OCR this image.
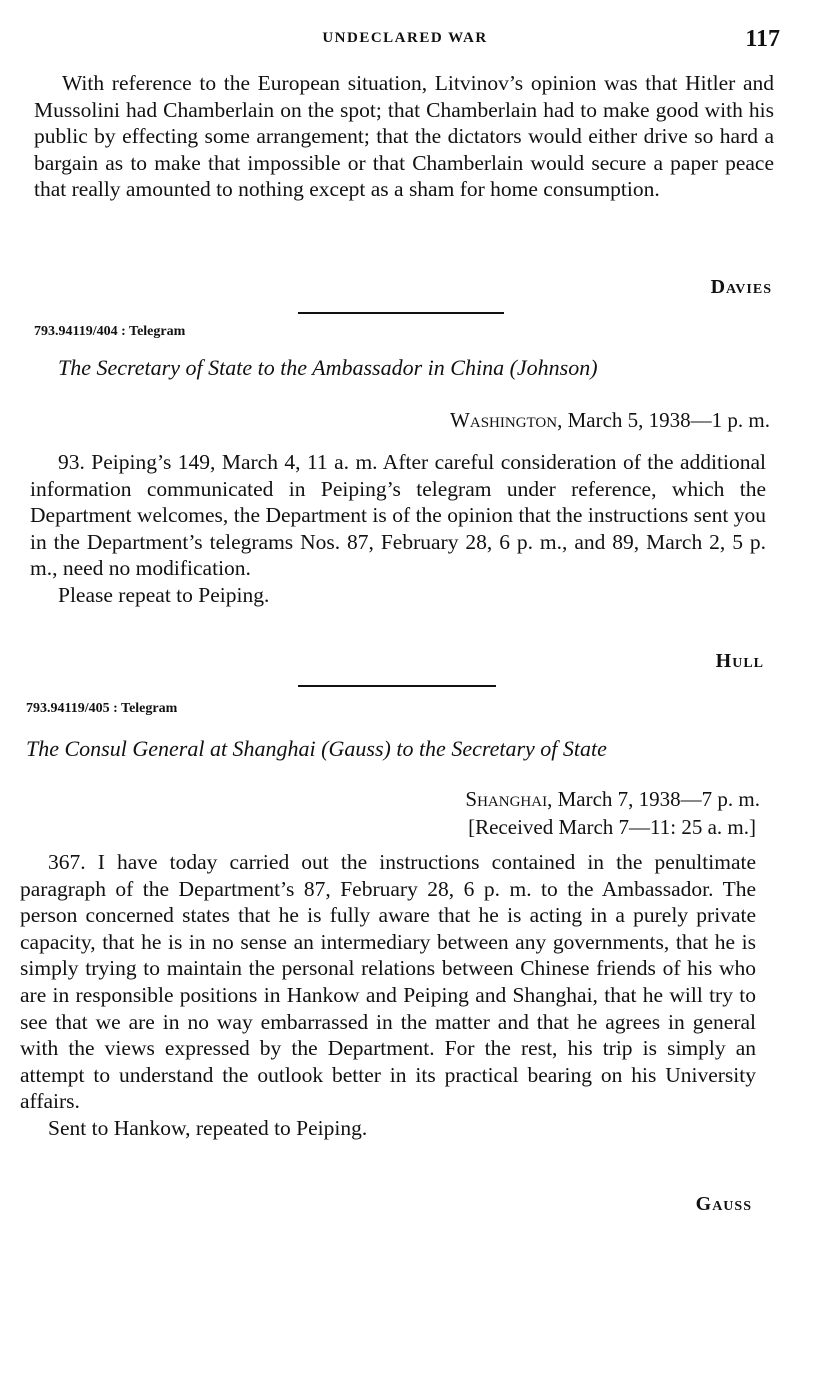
UNDECLARED WAR	117

With reference to the European situation, Litvinov’s opinion was that Hitler and Mussolini had Chamberlain on the spot; that Chamberlain had to make good with his public by effecting some arrangement; that the dictators would either drive so hard a bargain as to make that impossible or that Chamberlain would secure a paper peace that really amounted to nothing except as a sham for home consumption.

Davies
793.94119/404 : Telegram
The Secretary of State to the Ambassador in China (Johnson)
Washington, March 5, 1938—1 p. m.

93. Peiping’s 149, March 4, 11 a. m. After careful consideration of the additional information communicated in Peiping’s telegram under reference, which the Department welcomes, the Department is of the opinion that the instructions sent you in the Department’s telegrams Nos. 87, February 28, 6 p. m., and 89, March 2, 5 p. m., need no modification.

Please repeat to Peiping.

Hull
793.94119/405 : Telegram
The Consul General at Shanghai (Gauss) to the Secretary of State
Shanghai, March 7, 1938—7 p. m.
[Received March 7—11: 25 a. m.]

367. I have today carried out the instructions contained in the penultimate paragraph of the Department’s 87, February 28, 6 p. m. to the Ambassador. The person concerned states that he is fully aware that he is acting in a purely private capacity, that he is in no sense an intermediary between any governments, that he is simply trying to maintain the personal relations between Chinese friends of his who are in responsible positions in Hankow and Peiping and Shanghai, that he will try to see that we are in no way embarrassed in the matter and that he agrees in general with the views expressed by the Department. For the rest, his trip is simply an attempt to understand the outlook better in its practical bearing on his University affairs.

Sent to Hankow, repeated to Peiping.

Gauss
